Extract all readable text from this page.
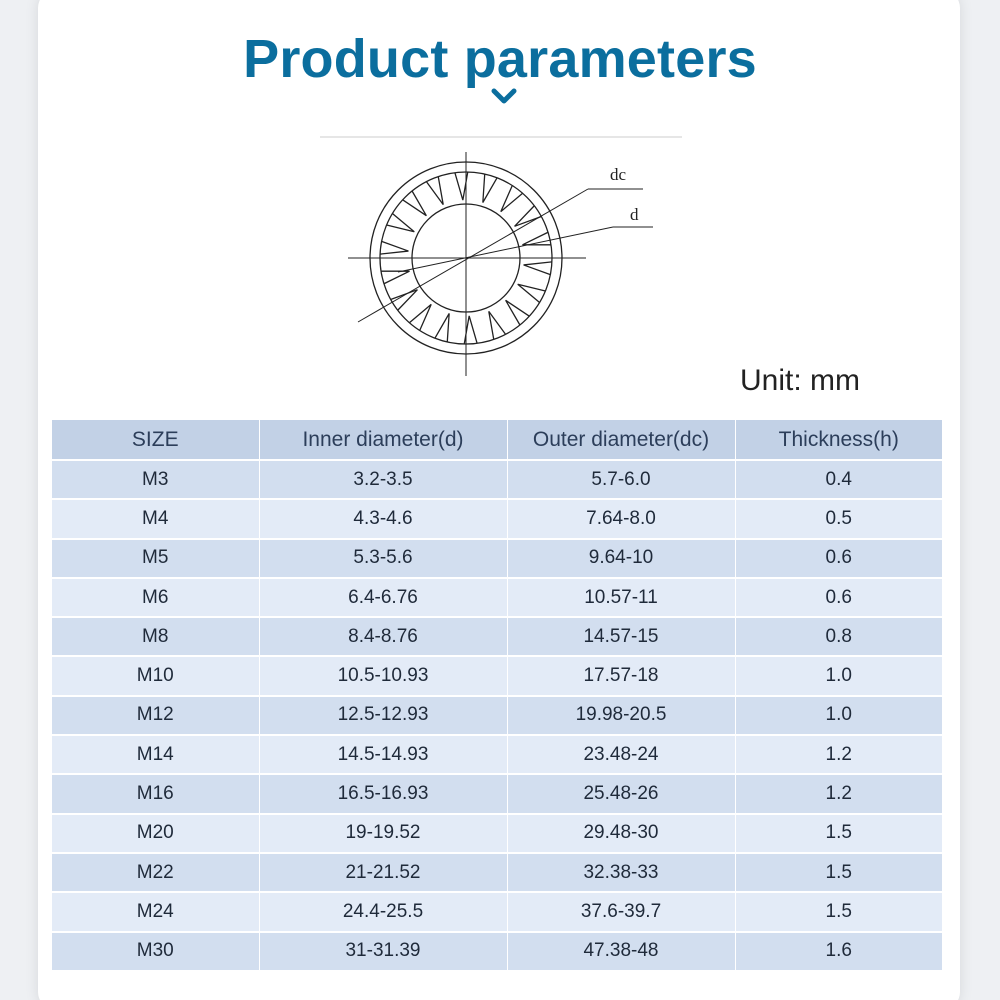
Product parameters
dc
d
Unit: mm
SIZE	Inner diameter(d)	Outer diameter(dc)	Thickness(h)
M3	3.2-3.5	5.7-6.0	0.4
M4	4.3-4.6	7.64-8.0	0.5
M5	5.3-5.6	9.64-10	0.6
M6	6.4-6.76	10.57-11	0.6
M8	8.4-8.76	14.57-15	0.8
M10	10.5-10.93	17.57-18	1.0
M12	12.5-12.93	19.98-20.5	1.0
M14	14.5-14.93	23.48-24	1.2
M16	16.5-16.93	25.48-26	1.2
M20	19-19.52	29.48-30	1.5
M22	21-21.52	32.38-33	1.5
M24	24.4-25.5	37.6-39.7	1.5
M30	31-31.39	47.38-48	1.6
